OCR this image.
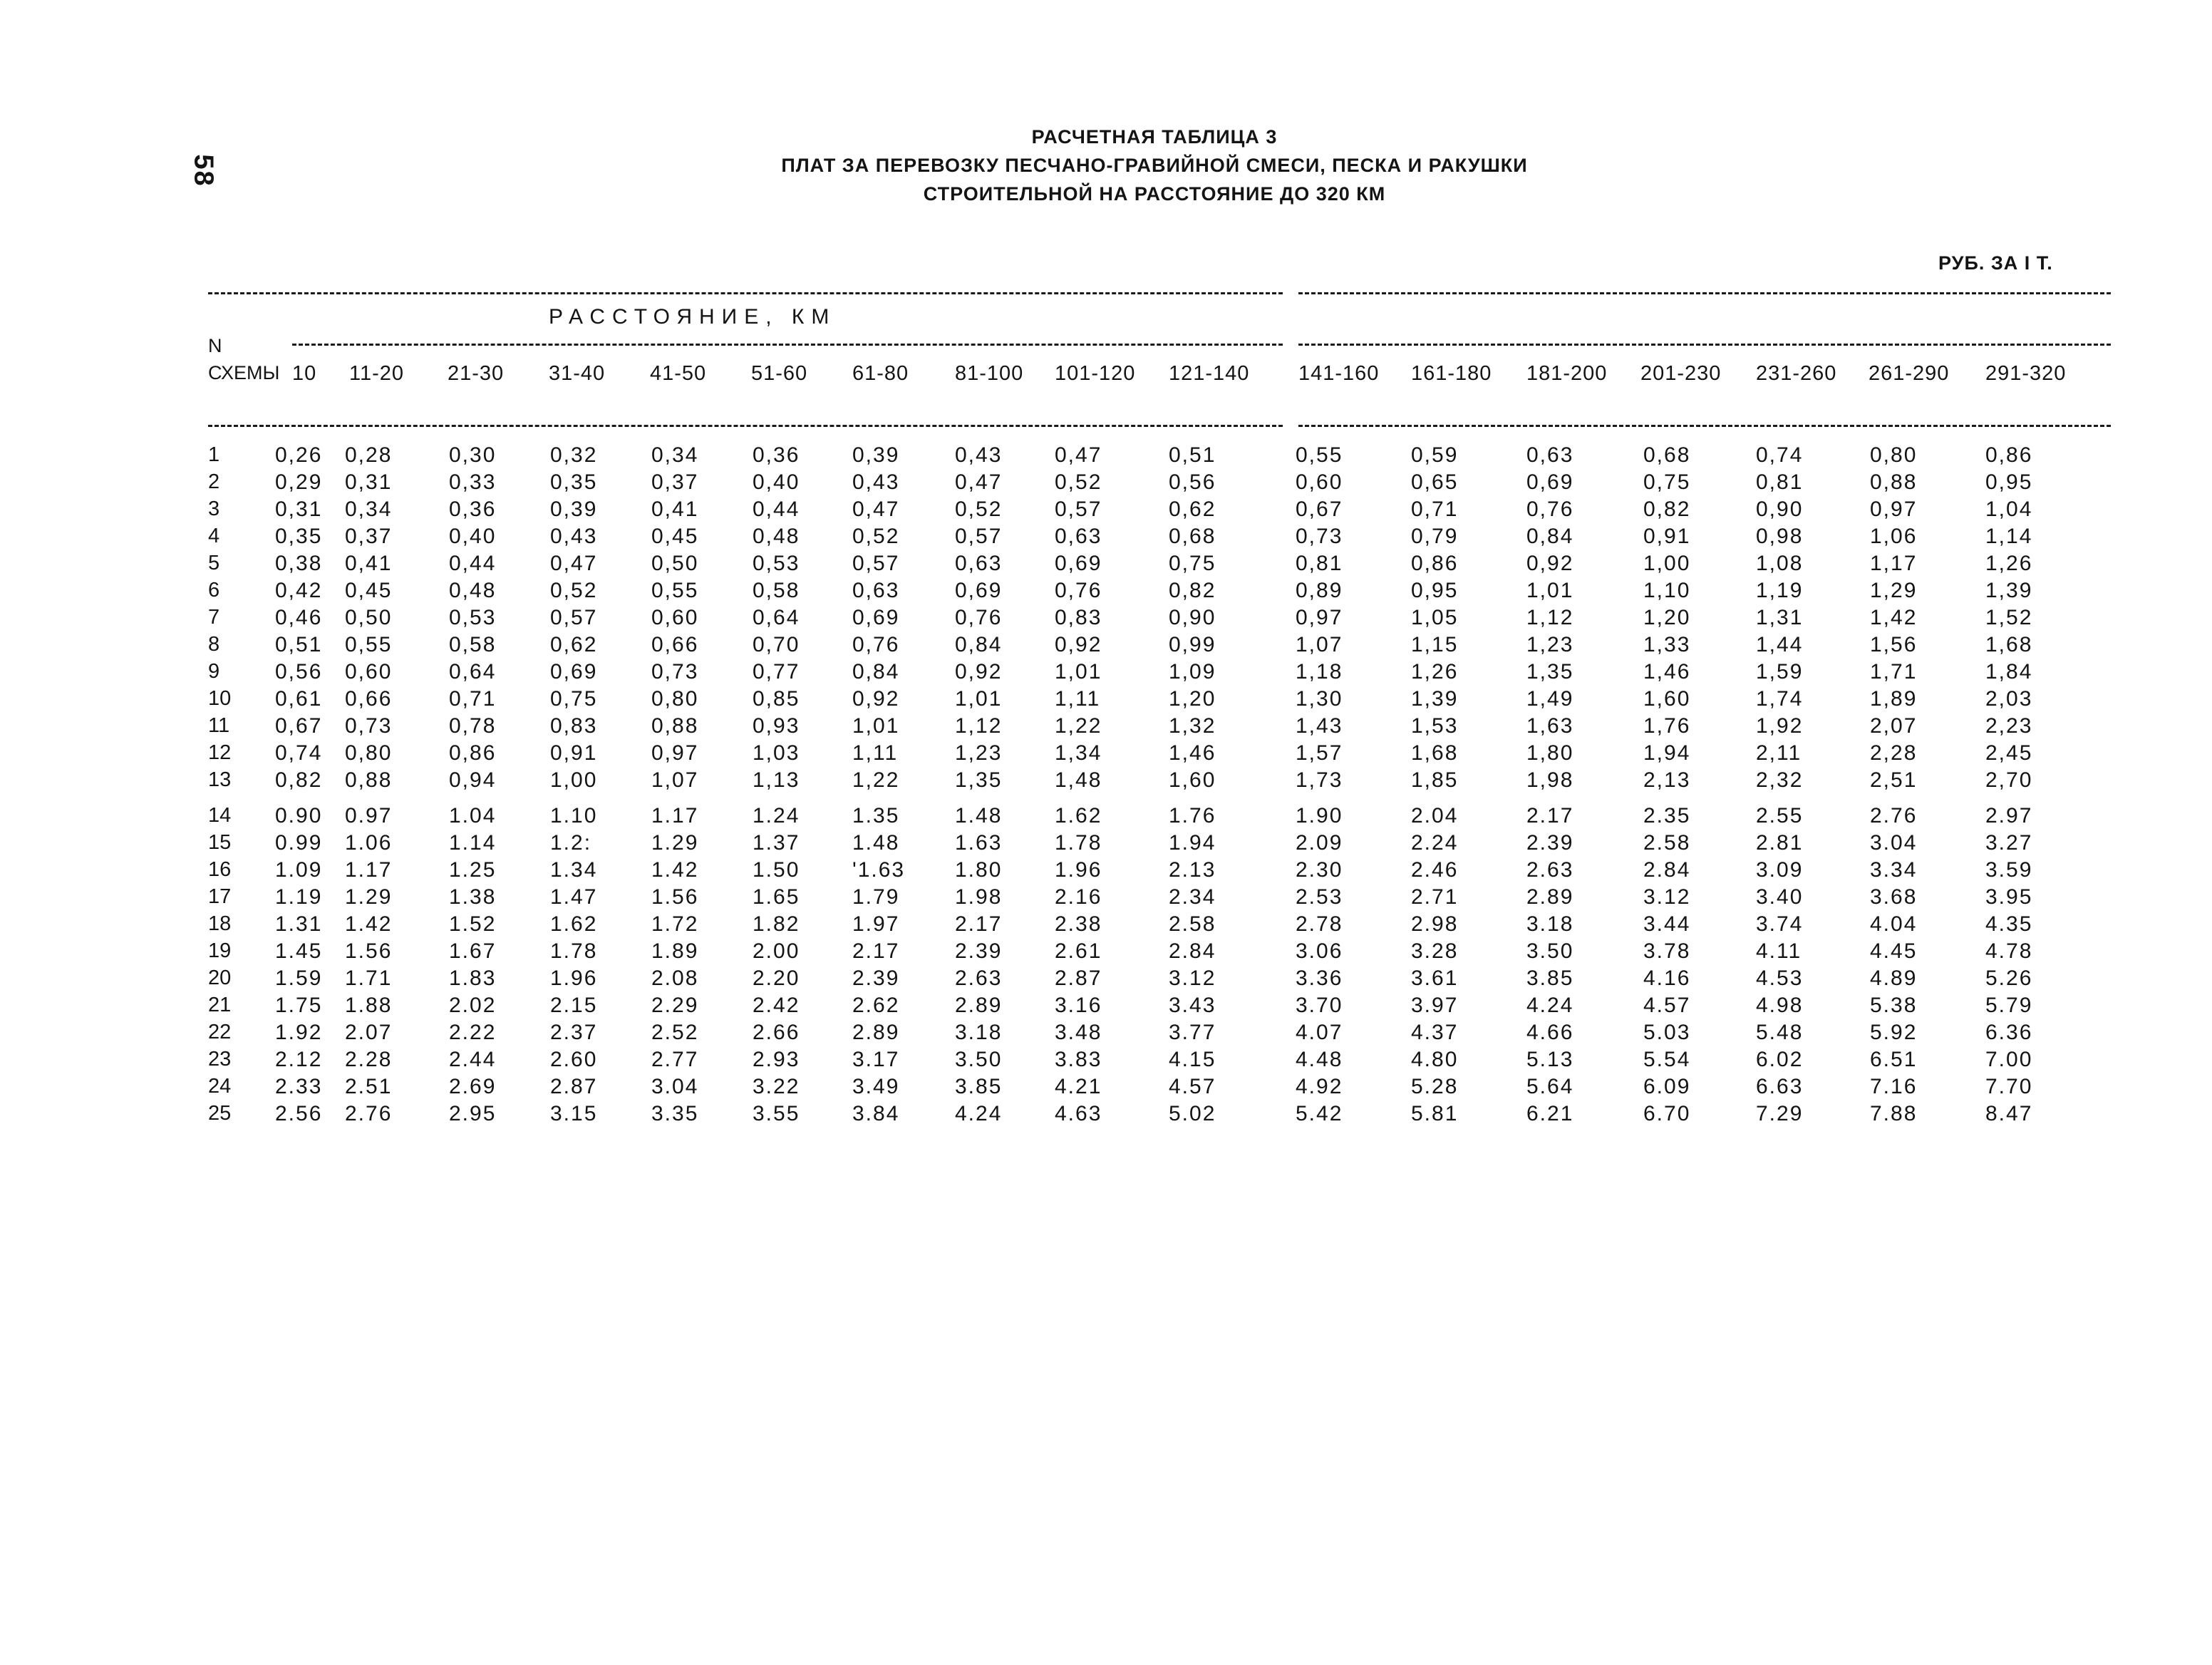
58
РАСЧЕТНАЯ ТАБЛИЦА 3
ПЛАТ ЗА ПЕРЕВОЗКУ ПЕСЧАНО-ГРАВИЙНОЙ СМЕСИ, ПЕСКА И РАКУШКИ
СТРОИТЕЛЬНОЙ НА РАССТОЯНИЕ ДО 320 КМ
РУБ. ЗА I Т.
РАССТОЯНИЕ, КМ
N
СХЕМЫ 10 11-20 21-30 31-40 41-50 51-60 61-80 81-100 101-120 121-140 141-160 161-180 181-200 201-230 231-260 261-290 291-320
1	0,26 0,28	0,30	0,32	0,34	0,36 0,39	0,43 0,47	0,51	0,55	0,59	0,63	0,68	0,74	0,80	0,86
2	0,29 0,31	0,33	0,35	0,37	0,40 0,43	0,47 0,52	0,56	0,60	0,65	0,69	0,75	0,81	0,88	0,95
3	0,31 0,34	0,36	0,39	0,41	0,44 0,47	0,52 0,57	0,62	0,67	0,71	0,76	0,82	0,90	0,97	1,04
4	0,35 0,37	0,40	0,43	0,45	0,48 0,52	0,57 0,63	0,68	0,73	0,79	0,84	0,91	0,98	1,06	1,14
5	0,38 0,41	0,44	0,47	0,50	0,53 0,57	0,63 0,69	0,75	0,81	0,86	0,92	1,00	1,08	1,17	1,26
6	0,42 0,45	0,48	0,52	0,55	0,58 0,63	0,69 0,76	0,82	0,89	0,95	1,01	1,10	1,19	1,29	1,39
7	0,46 0,50	0,53	0,57	0,60	0,64 0,69	0,76 0,83	0,90	0,97	1,05	1,12	1,20	1,31	1,42	1,52
8	0,51 0,55	0,58	0,62	0,66	0,70 0,76	0,84 0,92	0,99	1,07	1,15	1,23	1,33	1,44	1,56	1,68
9	0,56 0,60	0,64	0,69	0,73	0,77 0,84	0,92 1,01	1,09	1,18	1,26	1,35	1,46	1,59	1,71	1,84
10 0,61 0,66	0,71	0,75	0,80	0,85 0,92	1,01 1,11	1,20	1,30	1,39	1,49	1,60	1,74	1,89	2,03
11 0,67 0,73	0,78	0,83	0,88	0,93 1,01	1,12 1,22	1,32	1,43	1,53	1,63	1,76	1,92	2,07	2,23
12 0,74 0,80	0,86	0,91	0,97	1,03 1,11	1,23 1,34	1,46	1,57	1,68	1,80	1,94	2,11	2,28	2,45
13 0,82 0,88	0,94	1,00	1,07	1,13 1,22	1,35 1,48	1,60	1,73	1,85	1,98	2,13	2,32	2,51	2,70
14 0.90 0.97	1.04	1.10	1.17	1.24 1.35	1.48 1.62	1.76	1.90	2.04	2.17	2.35	2.55	2.76	2.97
15 0.99 1.06	1.14	1.2:	1.29	1.37 1.48	1.63 1.78	1.94	2.09	2.24	2.39	2.58	2.81	3.04	3.27
16 1.09 1.17	1.25	1.34	1.42	1.50 '1.63 1.80 1.96	2.13	2.30	2.46	2.63	2.84	3.09	3.34	3.59
17 1.19 1.29	1.38	1.47	1.56	1.65 1.79	1.98 2.16	2.34	2.53	2.71	2.89	3.12	3.40	3.68	3.95
18 1.31 1.42	1.52	1.62	1.72	1.82 1.97	2.17 2.38	2.58	2.78	2.98	3.18	3.44	3.74	4.04	4.35
19 1.45 1.56	1.67	1.78	1.89	2.00 2.17	2.39 2.61	2.84	3.06	3.28	3.50	3.78	4.11	4.45	4.78
20 1.59 1.71	1.83	1.96	2.08	2.20 2.39	2.63 2.87	3.12	3.36	3.61	3.85	4.16	4.53	4.89	5.26
21 1.75 1.88	2.02	2.15	2.29	2.42 2.62	2.89 3.16	3.43	3.70	3.97	4.24	4.57	4.98	5.38	5.79
22 1.92 2.07	2.22	2.37	2.52	2.66 2.89	3.18 3.48	3.77	4.07	4.37	4.66	5.03	5.48	5.92	6.36
23 2.12 2.28	2.44	2.60	2.77	2.93 3.17	3.50 3.83	4.15	4.48	4.80	5.13	5.54	6.02	6.51	7.00
24 2.33 2.51	2.69	2.87	3.04	3.22 3.49	3.85 4.21	4.57	4.92	5.28	5.64	6.09	6.63	7.16	7.70
25 2.56 2.76	2.95	3.15	3.35	3.55 3.84	4.24 4.63	5.02	5.42	5.81	6.21	6.70	7.29	7.88	8.47
